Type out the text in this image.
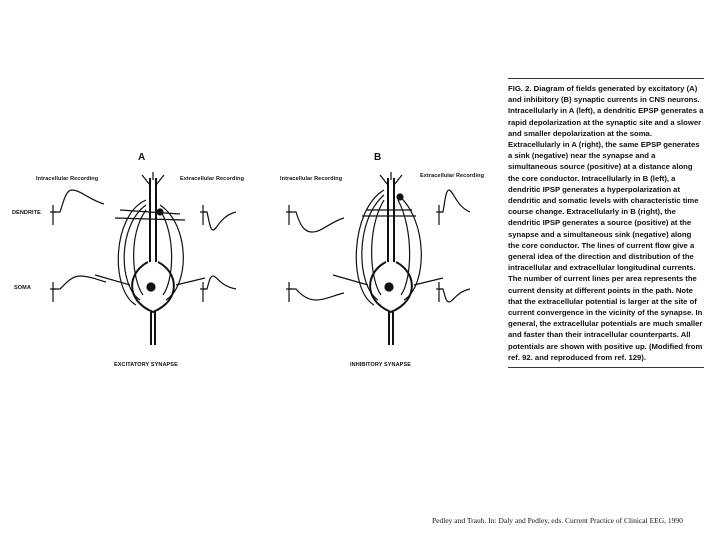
A	B
Intracellular Recording	Extracellular Recording	Intracellular Recording	Extracellular Recording
DENDRITE
SOMA
EXCITATORY SYNAPSE	INHIBITORY SYNAPSE
FIG. 2. Diagram of fields generated by excitatory (A) and inhibitory (B) synaptic currents in CNS neurons. Intracellularly in A (left), a dendritic EPSP generates a rapid depolarization at the synaptic site and a slower and smaller depolarization at the soma. Extracellularly in A (right), the same EPSP generates a sink (negative) near the synapse and a simultaneous source (positive) at a distance along the core conductor. Intracellularly in B (left), a dendritic IPSP generates a hyperpolarization at dendritic and somatic levels with characteristic time course change. Extracellularly in B (right), the dendritic IPSP generates a source (positive) at the synapse and a simultaneous sink (negative) along the core conductor. The lines of current flow give a general idea of the direction and distribution of the intracellular and extracellular longitudinal currents. The number of current lines per area represents the current density at different points in the path. Note that the extracellular potential is larger at the site of current convergence in the vicinity of the synapse. In general, the extracellular potentials are much smaller and faster than their intracellular counterparts. All potentials are shown with positive up. (Modified from ref. 92. and reproduced from ref. 129).
Pedley and Traub. In: Daly and Pedley, eds. Current Practice of Clinical EEG, 1990
